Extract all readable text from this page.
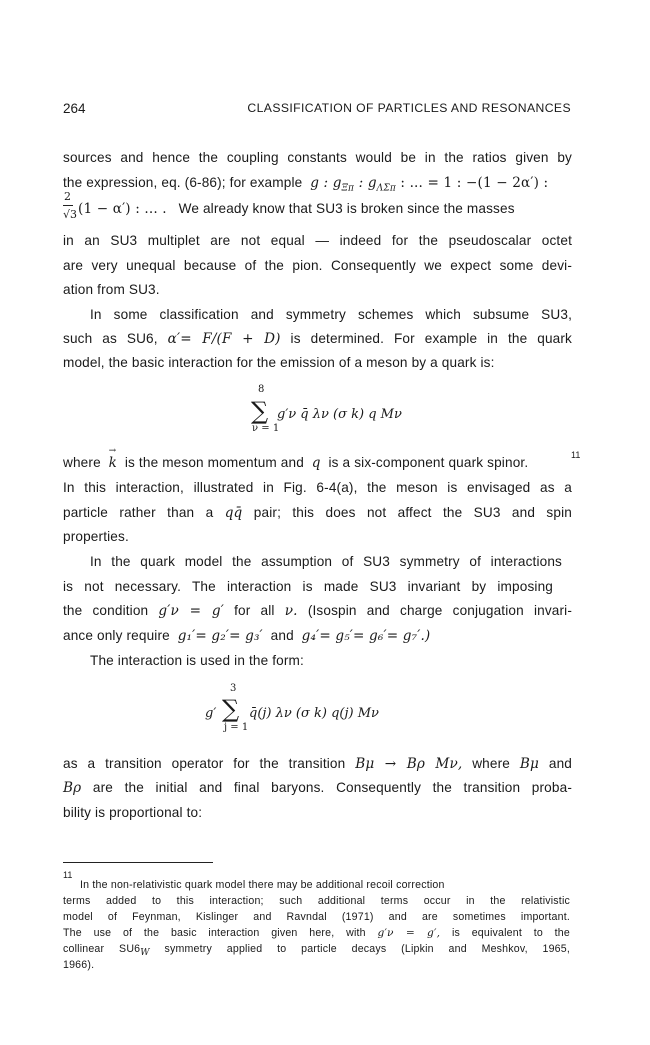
264	CLASSIFICATION OF PARTICLES AND RESONANCES
sources and hence the coupling constants would be in the ratios given by
the expression, eq. (6-86); for example g : $g_{\Xi\pi}$ : $g_{\Lambda\Sigma\pi}$ : ... = 1 : −(1 − 2α′) :
2
√3 (1 − α′) : ... . We already know that SU3 is broken since the masses
in an SU3 multiplet are not equal — indeed for the pseudoscalar octet
are very unequal because of the pion. Consequently we expect some devi-
ation from SU3.
In some classification and symmetry schemes which subsume SU3,
such as SU6, α′= F/(F + D) is determined. For example in the quark
model, the basic interaction for the emission of a meson by a quark is:
8
∑
ν = 1
g′ν q̄ λν (σ k) q Mν
where → k is the meson momentum and q is a six-component quark spinor.	11
In this interaction, illustrated in Fig. 6-4(a), the meson is envisaged as a
particle rather than a qq̄ pair; this does not affect the SU3 and spin
properties.
In the quark model the assumption of SU3 symmetry of interactions
is not necessary. The interaction is made SU3 invariant by imposing
the condition g′ν = g′ for all ν. (Isospin and charge conjugation invari-
ance only require g₁′= g₂′= g₃′ and g₄′= g₅′= g₆′= g₇′.)
The interaction is used in the form:
3
g′ ∑
j = 1
q̄(j) λν (σ k) q(j) Mν
as a transition operator for the transition Bμ → Bρ Mν, where Bμ and
Bρ are the initial and final baryons. Consequently the transition proba-
bility is proportional to:
11
In the non-relativistic quark model there may be additional recoil correction
terms added to this interaction; such additional terms occur in the relativistic
model of Feynman, Kislinger and Ravndal (1971) and are sometimes important.
The use of the basic interaction given here, with g′ν = g′, is equivalent to the
collinear $SU6_W$ symmetry applied to particle decays (Lipkin and Meshkov, 1965,
1966).
